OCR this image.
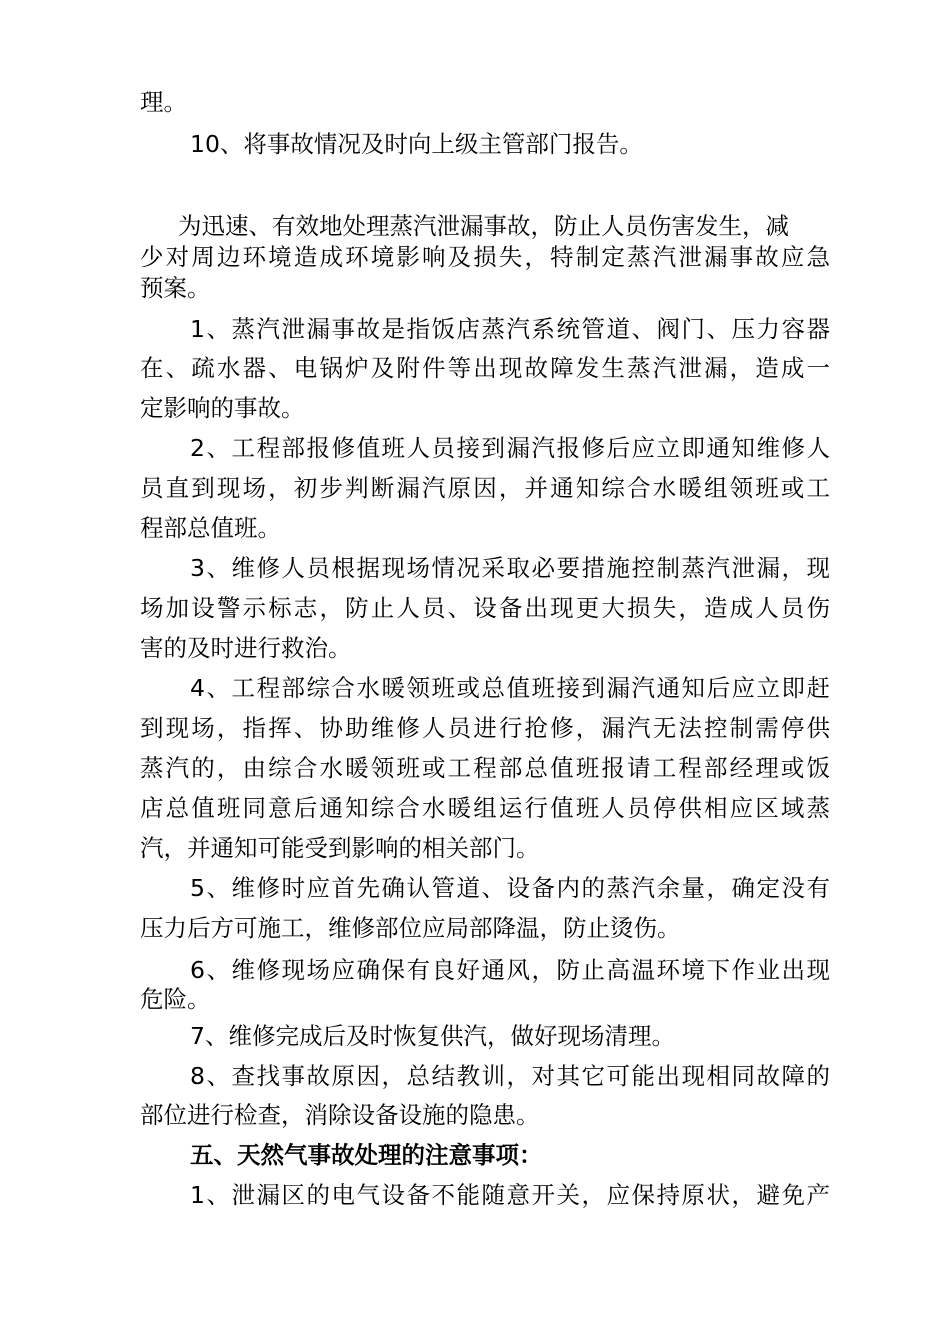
理。
10、将事故情况及时向上级主管部门报告。
为迅速、有效地处理蒸汽泄漏事故，防止人员伤害发生，减
少对周边环境造成环境影响及损失，特制定蒸汽泄漏事故应急
预案。
1、蒸汽泄漏事故是指饭店蒸汽系统管道、阀门、压力容器
在、疏水器、电锅炉及附件等出现故障发生蒸汽泄漏，造成一
定影响的事故。
2、工程部报修值班人员接到漏汽报修后应立即通知维修人
员直到现场，初步判断漏汽原因，并通知综合水暖组领班或工
程部总值班。
3、维修人员根据现场情况采取必要措施控制蒸汽泄漏，现
场加设警示标志，防止人员、设备出现更大损失，造成人员伤
害的及时进行救治。
4、工程部综合水暖领班或总值班接到漏汽通知后应立即赶
到现场，指挥、协助维修人员进行抢修，漏汽无法控制需停供
蒸汽的，由综合水暖领班或工程部总值班报请工程部经理或饭
店总值班同意后通知综合水暖组运行值班人员停供相应区域蒸
汽，并通知可能受到影响的相关部门。
5、维修时应首先确认管道、设备内的蒸汽余量，确定没有
压力后方可施工，维修部位应局部降温，防止烫伤。
6、维修现场应确保有良好通风，防止高温环境下作业出现
危险。
7、维修完成后及时恢复供汽，做好现场清理。
8、查找事故原因，总结教训，对其它可能出现相同故障的
部位进行检查，消除设备设施的隐患。
五、天然气事故处理的注意事项：
1、泄漏区的电气设备不能随意开关，应保持原状，避免产
